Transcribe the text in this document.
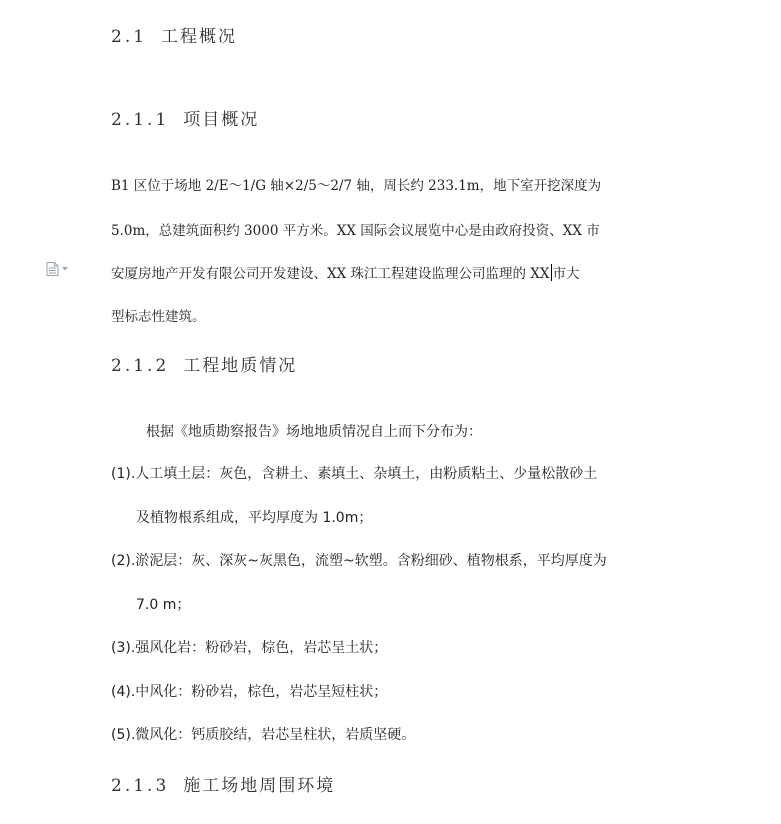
2.1 工程概况
2.1.1 项目概况
B1 区位于场地 2/E～1/G 轴×2/5～2/7 轴，周长约 233.1m，地下室开挖深度为
5.0m，总建筑面积约 3000 平方米。XX 国际会议展览中心是由政府投资、XX 市
安厦房地产开发有限公司开发建设、XX 珠江工程建设监理公司监理的 XX 市大
型标志性建筑。
2.1.2 工程地质情况
根据《地质勘察报告》场地地质情况自上而下分布为：
(1).人工填土层：灰色，含耕土、素填土、杂填土，由粉质粘土、少量松散砂土
及植物根系组成，平均厚度为 1.0m；
(2).淤泥层：灰、深灰~灰黑色，流塑~软塑。含粉细砂、植物根系，平均厚度为
7.0 m；
(3).强风化岩：粉砂岩，棕色，岩芯呈土状；
(4).中风化：粉砂岩，棕色，岩芯呈短柱状；
(5).微风化：钙质胶结，岩芯呈柱状，岩质坚硬。
2.1.3 施工场地周围环境
